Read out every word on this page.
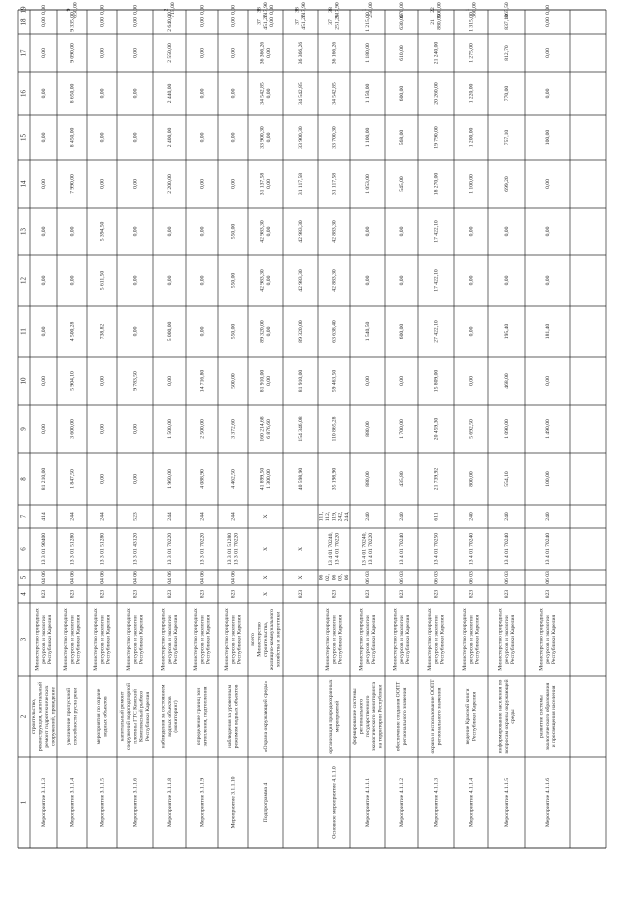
1
2
3
4
5
6
7
8
9
10
11
12
13
14
15
16
17
18
19
Мероприятие 3.1.1.3
строительство, реконструкция, капитальный ремонт гидротехнических сооружений, проведение
Министерство природных ресурсов и экологии Республики Карелия
823
04 06
13 3 01 90400
414
81 210,00
0,00
0,00
0,00
0,00
0,00
0,00
0,00
0,00
0,00
0,00
0,00
Мероприятие 3.1.1.4
увеличение пропускной способности русла реки
Министерство природных ресурсов и экологии Республики Карелия
823
04 06
13 3 01 51280
244
1 847,50
3 600,00
5 904,10
4 500,28
0,00
0,00
7 990,00
8 450,00
8 650,00
9 090,00
9 335,00
9 650,00
Мероприятие 3.1.1.5
мероприятия по охране водных объектов
Министерство природных ресурсов и экологии Республики Карелия
823
04 06
13 3 01 51280
244
0,00
0,00
0,00
738,82
5 611,50
5 394,50
0,00
0,00
0,00
0,00
0,00
0,00
Мероприятие 3.1.1.6
капитальный ремонт сооружений водоподпорной плотины ГТС Кемский Комплексный рыбхоз Республики Карелия
Министерство природных ресурсов и экологии Республики Карелия
823
04 06
13 3 01 43120
523
0,00
0,00
9 783,50
0,00
0,00
0,00
0,00
0,00
0,00
0,00
0,00
0,00
Мероприятие 3.1.1.8
наблюдения за состоянием водных объектов (мониторинг)
Министерство природных ресурсов и экологии Республики Карелия
823
04 06
13 3 01 70220
244
1 960,00
1 500,00
0,00
5 000,00
0,00
0,00
2 200,00
2 400,00
2 440,00
2 550,00
2 640,00
2 715,00
Мероприятие 3.1.1.9
определение границ зон затопления, подтопления
Министерство природных ресурсов и экологии Республики Карелия
823
04 06
13 3 01 70220
244
4 088,90
2 500,00
14 716,80
0,00
0,00
0,00
0,00
0,00
0,00
0,00
0,00
0,00
Мероприятие 3.1.1.10
наблюдения за уровенным режимом водных объектов
Министерство природных ресурсов и экологии Республики Карелия
823
04 06
13 3 01 51280 13 3 01 70220
244
4 462,50
3 372,60
500,00
550,00
550,00
550,00
0,00
0,00
0,00
0,00
0,00
0,00
Подпрограмма 4
«Охрана окружающей среды»
всего Министерство строительства, жилищно-коммунального хозяйства и энергетики
X
X
X
X
41 899,50 1 300,00
160 214,68 6 876,60
81 910,00 0,00
89 320,00 0,00
42 983,30 0,00
42 983,30 0,00
31 137,58 0,00
33 900,30 0,00
34 542,85 0,00
36 366,26 0,00
37 451,26 0,00
38 717,90 0,00
823
X
X
40 598,90
154 346,08
81 910,00
89 320,00
42 983,30
42 983,30
31 117,58
33 900,30
34 542,85
36 366,26
37 451,26
38 717,90
Основное мероприятие 4.1.1.0
организация природоохранных мероприятий
Министерство природных ресурсов и экологии Республики Карелия
823
06 02, 06 03, 06
13 4 01 70240, 13 4 01 70220
111, 112, 119, 242, 244,
35 198,90
110 865,28
59 463,50
63 638,40
42 883,30
42 883,30
31 117,58
33 700,30
34 542,85
36 166,26
37 251,26
38 517,90
Мероприятие 4.1.1.1
формирование системы регионального государственного экологического мониторинга на территории Республики
Министерство природных ресурсов и экологии Республики Карелия
823
06 03
13 4 01 70240, 13 4 01 70220
240
880,00
880,00
0,00
1 540,50
0,00
0,00
1 053,00
1 100,00
1 150,00
1 180,00
1 215,00
1 250,00
Мероприятие 4.1.1.2
обеспечение создания ООПТ регионального значения
Министерство природных ресурсов и экологии Республики Карелия
823
06 03
13 4 01 70240
240
435,80
1 700,00
0,00
600,00
0,00
0,00
545,00
568,00
600,00
610,00
630,00
670,00
Мероприятие 4.1.1.3
охрана и использование ООПТ регионального значения
Министерство природных ресурсов и экологии Республики Карелия
823
06 03
13 4 01 70250
611
21 739,92
20 459,30
15 809,00
27 422,10
17 422,10
17 422,10
18 270,00
19 790,00
20 260,00
21 240,00
21 880,00
22 500,00
Мероприятие 4.1.1.4
ведение Красной книги Республики Карелия
Министерство природных ресурсов и экологии Республики Карелия
823
06 03
13 4 01 70240
240
800,00
5 692,50
0,00
0,00
0,00
0,00
1 100,00
1 200,00
1 220,00
1 275,00
1 315,00
1 360,00
Мероприятие 4.1.1.5
информирование населения по вопросам охраны окружающей среды
Министерство природных ресурсов и экологии Республики Карелия
823
06 03
13 4 01 70240
240
554,10
1 090,00
468,00
195,40
0,00
0,00
699,20
757,10
770,00
812,70
837,10
865,50
Мероприятие 4.1.1.6
развитие системы экологического образования и просвещения населения
Министерство природных ресурсов и экологии Республики Карелия
823
06 03
13 4 01 70240
240
100,00
1 490,00
0,00
181,40
0,00
0,00
0,00
100,00
0,00
0,00
0,00
0,00
